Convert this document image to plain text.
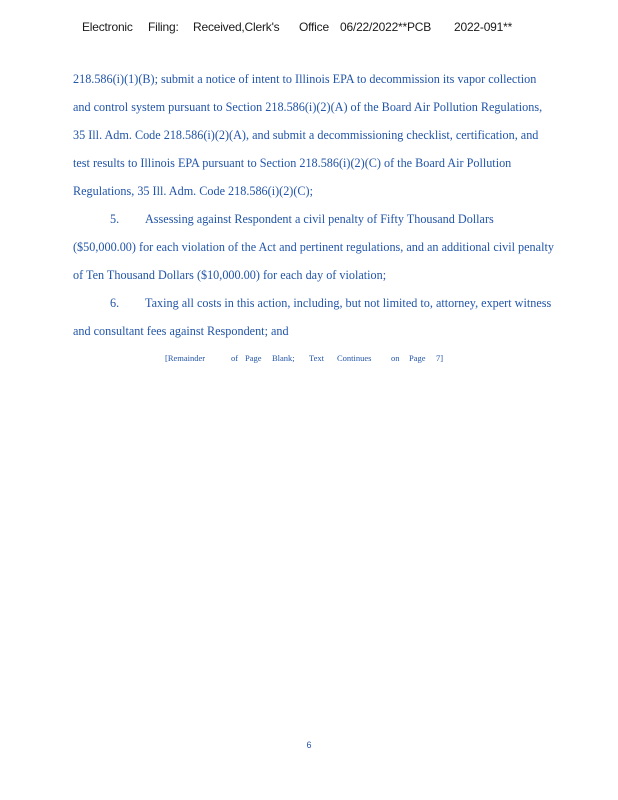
Electronic Filing: Received,Clerk's Office 06/22/2022**PCB 2022-091**
218.586(i)(1)(B); submit a notice of intent to Illinois EPA to decommission its vapor collection
and control system pursuant to Section 218.586(i)(2)(A) of the Board Air Pollution Regulations,
35 Ill. Adm. Code 218.586(i)(2)(A), and submit a decommissioning checklist, certification, and
test results to Illinois EPA pursuant to Section 218.586(i)(2)(C) of the Board Air Pollution
Regulations, 35 Ill. Adm. Code 218.586(i)(2)(C);
5. Assessing against Respondent a civil penalty of Fifty Thousand Dollars
($50,000.00) for each violation of the Act and pertinent regulations, and an additional civil penalty
of Ten Thousand Dollars ($10,000.00) for each day of violation;
6. Taxing all costs in this action, including, but not limited to, attorney, expert witness
and consultant fees against Respondent; and
[Remainder	of Page Blank; Text Continues on Page 7]
6
